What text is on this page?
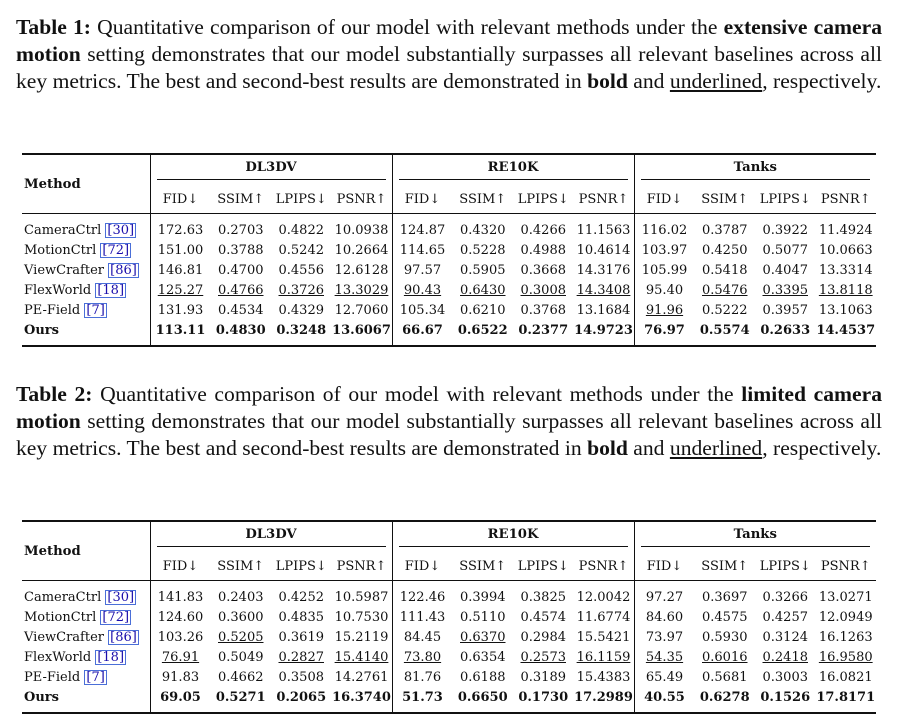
Table 1: Quantitative comparison of our model with relevant methods under the extensive camera motion setting demonstrates that our model substantially surpasses all relevant baselines across all key metrics. The best and second-best results are demonstrated in bold and underlined, respectively.
Method	DL3DV				RE10K				Tanks			

	FID↓	SSIM↑	LPIPS↓	PSNR↑	FID↓	SSIM↑	LPIPS↓	PSNR↑	FID↓	SSIM↑	LPIPS↓	PSNR↑
CameraCtrl [30]	172.63	0.2703	0.4822	10.0938	124.87	0.4320	0.4266	11.1563	116.02	0.3787	0.3922	11.4924
MotionCtrl [72]	151.00	0.3788	0.5242	10.2664	114.65	0.5228	0.4988	10.4614	103.97	0.4250	0.5077	10.0663
ViewCrafter [86]	146.81	0.4700	0.4556	12.6128	97.57	0.5905	0.3668	14.3176	105.99	0.5418	0.4047	13.3314
FlexWorld [18]	125.27	0.4766	0.3726	13.3029	90.43	0.6430	0.3008	14.3408	95.40	0.5476	0.3395	13.8118
PE-Field [7]	131.93	0.4534	0.4329	12.7060	105.34	0.6210	0.3768	13.1684	91.96	0.5222	0.3957	13.1063
Ours	113.11	0.4830	0.3248	13.6067	66.67	0.6522	0.2377	14.9723	76.97	0.5574	0.2633	14.4537
Table 2: Quantitative comparison of our model with relevant methods under the limited camera motion setting demonstrates that our model substantially surpasses all relevant baselines across all key metrics. The best and second-best results are demonstrated in bold and underlined, respectively.
Method	DL3DV				RE10K				Tanks			

	FID↓	SSIM↑	LPIPS↓	PSNR↑	FID↓	SSIM↑	LPIPS↓	PSNR↑	FID↓	SSIM↑	LPIPS↓	PSNR↑
CameraCtrl [30]	141.83	0.2403	0.4252	10.5987	122.46	0.3994	0.3825	12.0042	97.27	0.3697	0.3266	13.0271
MotionCtrl [72]	124.60	0.3600	0.4835	10.7530	111.43	0.5110	0.4574	11.6774	84.60	0.4575	0.4257	12.0949
ViewCrafter [86]	103.26	0.5205	0.3619	15.2119	84.45	0.6370	0.2984	15.5421	73.97	0.5930	0.3124	16.1263
FlexWorld [18]	76.91	0.5049	0.2827	15.4140	73.80	0.6354	0.2573	16.1159	54.35	0.6016	0.2418	16.9580
PE-Field [7]	91.83	0.4662	0.3508	14.2761	81.76	0.6188	0.3189	15.4383	65.49	0.5681	0.3003	16.0821
Ours	69.05	0.5271	0.2065	16.3740	51.73	0.6650	0.1730	17.2989	40.55	0.6278	0.1526	17.8171
